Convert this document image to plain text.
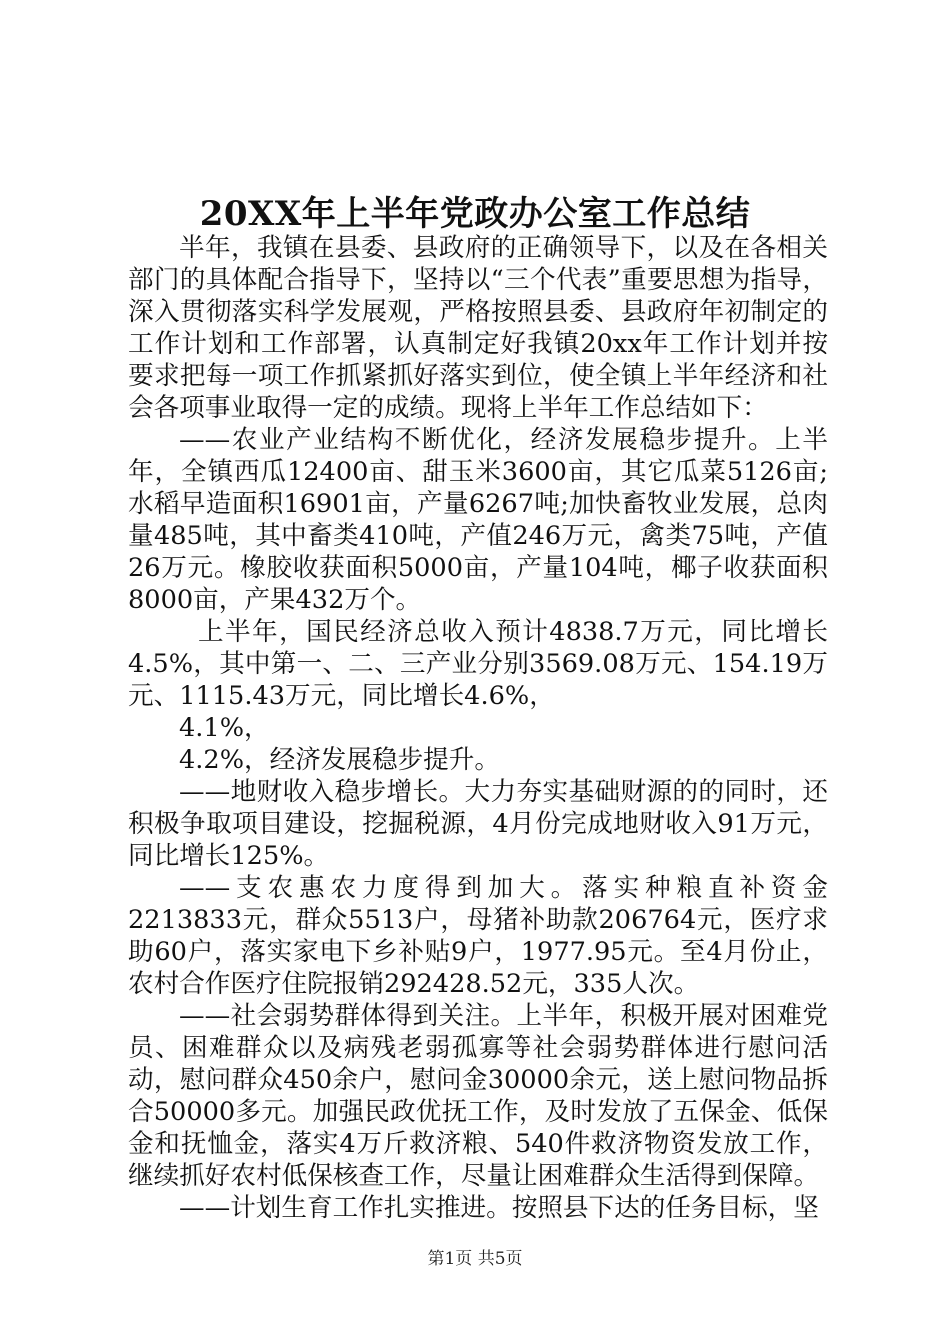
20XX年上半年党政办公室工作总结

半年，我镇在县委、县政府的正确领导下，以及在各相关部门的具体配合指导下，坚持以“三个代表”重要思想为指导，深入贯彻落实科学发展观，严格按照县委、县政府年初制定的工作计划和工作部署，认真制定好我镇20xx年工作计划并按要求把每一项工作抓紧抓好落实到位，使全镇上半年经济和社会各项事业取得一定的成绩。现将上半年工作总结如下：

——农业产业结构不断优化，经济发展稳步提升。上半年，全镇西瓜12400亩、甜玉米3600亩，其它瓜菜5126亩;水稻早造面积16901亩，产量6267吨;加快畜牧业发展，总肉量485吨，其中畜类410吨，产值246万元，禽类75吨，产值26万元。橡胶收获面积5000亩，产量104吨，椰子收获面积8000亩，产果432万个。

上半年，国民经济总收入预计4838.7万元，同比增长4.5%，其中第一、二、三产业分别3569.08万元、154.19万元、1115.43万元，同比增长4.6%，

4.1%，

4.2%，经济发展稳步提升。

——地财收入稳步增长。大力夯实基础财源的的同时，还积极争取项目建设，挖掘税源，4月份完成地财收入91万元，同比增长125%。

——支农惠农力度得到加大。落实种粮直补资金2213833元，群众5513户，母猪补助款206764元，医疗求助60户，落实家电下乡补贴9户，1977.95元。至4月份止，农村合作医疗住院报销292428.52元，335人次。

——社会弱势群体得到关注。上半年，积极开展对困难党员、困难群众以及病残老弱孤寡等社会弱势群体进行慰问活动，慰问群众450余户，慰问金30000余元，送上慰问物品拆合50000多元。加强民政优抚工作，及时发放了五保金、低保金和抚恤金，落实4万斤救济粮、540件救济物资发放工作，继续抓好农村低保核查工作，尽量让困难群众生活得到保障。

——计划生育工作扎实推进。按照县下达的任务目标，坚

第1页 共5页
